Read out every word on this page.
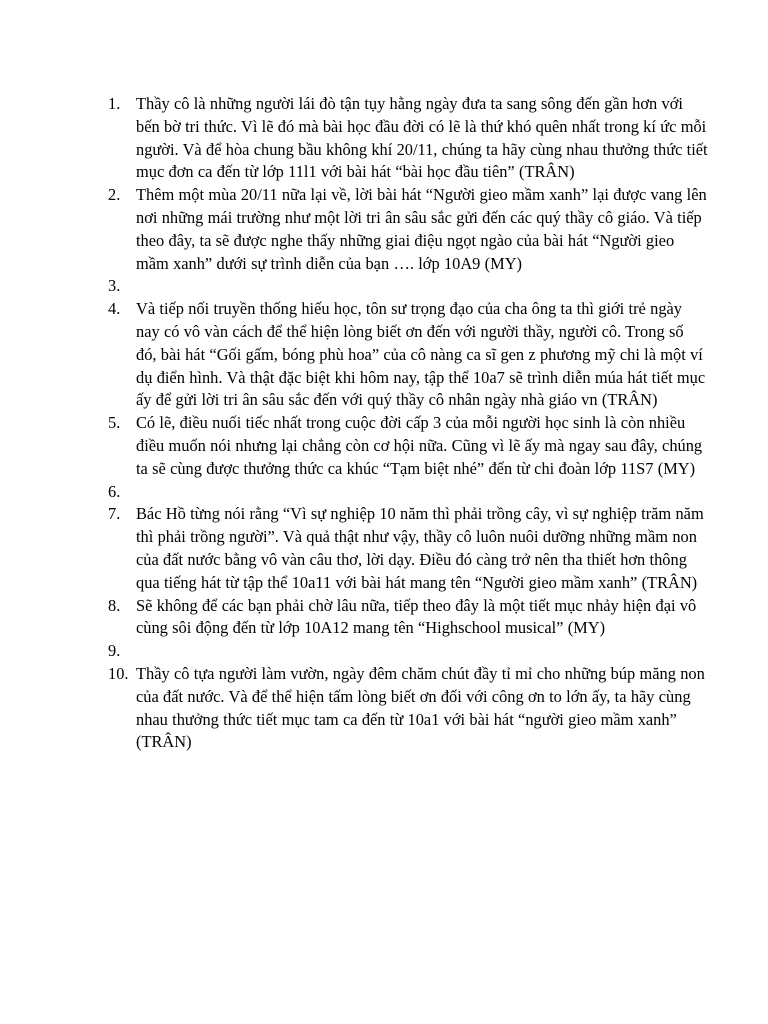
1. Thầy cô là những người lái đò tận tụy hằng ngày đưa ta sang sông đến gần hơn với bến bờ tri thức. Vì lẽ đó mà bài học đầu đời có lẽ là thứ khó quên nhất trong kí ức mỗi người. Và để hòa chung bầu không khí 20/11, chúng ta hãy cùng nhau thưởng thức tiết mục đơn ca đến từ lớp 11l1 với bài hát “bài học đầu tiên” (TRÂN)
2. Thêm một mùa 20/11 nữa lại về, lời bài hát “Người gieo mầm xanh” lại được vang lên nơi những mái trường như một lời tri ân sâu sắc gửi đến các quý thầy cô giáo. Và tiếp theo đây, ta sẽ được nghe thấy những giai điệu ngọt ngào của bài hát “Người gieo mầm xanh” dưới sự trình diễn của bạn …. lớp 10A9 (MY)
3.

4. Và tiếp nối truyền thống hiếu học, tôn sư trọng đạo của cha ông ta thì giới trẻ ngày nay có vô vàn cách để thể hiện lòng biết ơn đến với người thầy, người cô. Trong số đó, bài hát “Gối gấm, bóng phù hoa” của cô nàng ca sĩ gen z phương mỹ chi là một ví dụ điển hình. Và thật đặc biệt khi hôm nay, tập thể 10a7 sẽ trình diễn múa hát tiết mục ấy để gửi lời tri ân sâu sắc đến với quý thầy cô nhân ngày nhà giáo vn (TRÂN)
5. Có lẽ, điều nuối tiếc nhất trong cuộc đời cấp 3 của mỗi người học sinh là còn nhiều điều muốn nói nhưng lại chẳng còn cơ hội nữa. Cũng vì lẽ ấy mà ngay sau đây, chúng ta sẽ cùng được thưởng thức ca khúc “Tạm biệt nhé” đến từ chi đoàn lớp 11S7 (MY)
6.

7. Bác Hồ từng nói rằng “Vì sự nghiệp 10 năm thì phải trồng cây, vì sự nghiệp trăm năm thì phải trồng người”. Và quả thật như vậy, thầy cô luôn nuôi dưỡng những mầm non của đất nước bằng vô vàn câu thơ, lời dạy. Điều đó càng trở nên tha thiết hơn thông qua tiếng hát từ tập thể 10a11 với bài hát mang tên “Người gieo mầm xanh” (TRÂN)
8. Sẽ không để các bạn phải chờ lâu nữa, tiếp theo đây là một tiết mục nhảy hiện đại vô cùng sôi động đến từ lớp 10A12 mang tên “Highschool musical” (MY)
9.

10. Thầy cô tựa người làm vườn, ngày đêm chăm chút đầy tỉ mỉ cho những búp măng non của đất nước. Và để thể hiện tấm lòng biết ơn đối với công ơn to lớn ấy, ta hãy cùng nhau thưởng thức tiết mục tam ca đến từ 10a1 với bài hát “người gieo mầm xanh” (TRÂN)
